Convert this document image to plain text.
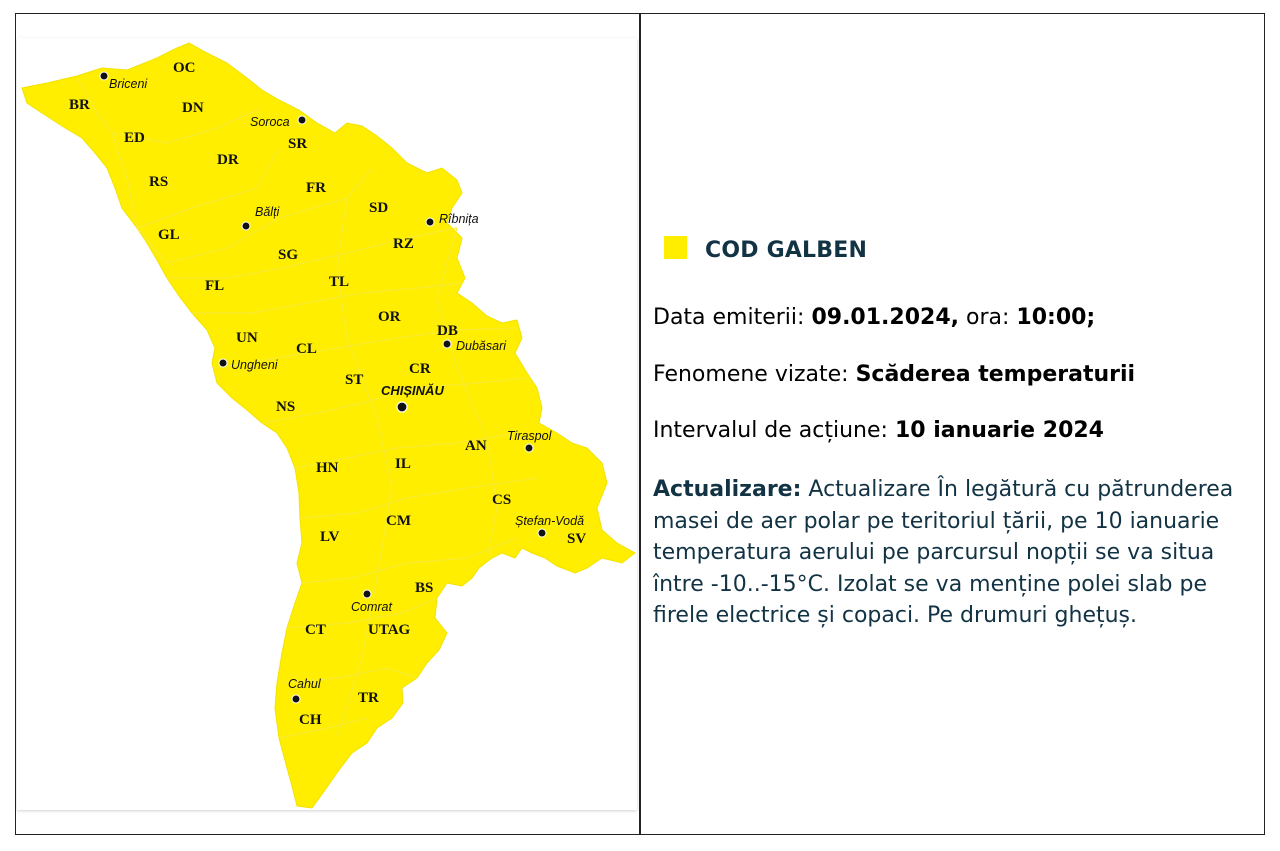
OC
BR	DN
ED	SR
DR
RS	FR
SD
GL
RZ
SG
TL
FL
OR
DB
UN
CL
CR
ST
NS
AN
HN	IL
CS
CM
SV
LV
BS
CT	UTAG
TR
CH
Briceni
Soroca
Bălți	Rîbnița
Dubăsari
Ungheni
CHIȘINĂU
Tiraspol
Ștefan-Vodă
Comrat
Cahul
COD GALBEN
Data emiterii: 09.01.2024, ora: 10:00;
Fenomene vizate: Scăderea temperaturii
Intervalul de acțiune: 10 ianuarie 2024
Actualizare: Actualizare În legătură cu pătrunderea masei de aer polar pe teritoriul țării, pe 10 ianuarie temperatura aerului pe parcursul nopții se va situa între -10..-15°C. Izolat se va menține polei slab pe firele electrice și copaci. Pe drumuri ghețuș.
